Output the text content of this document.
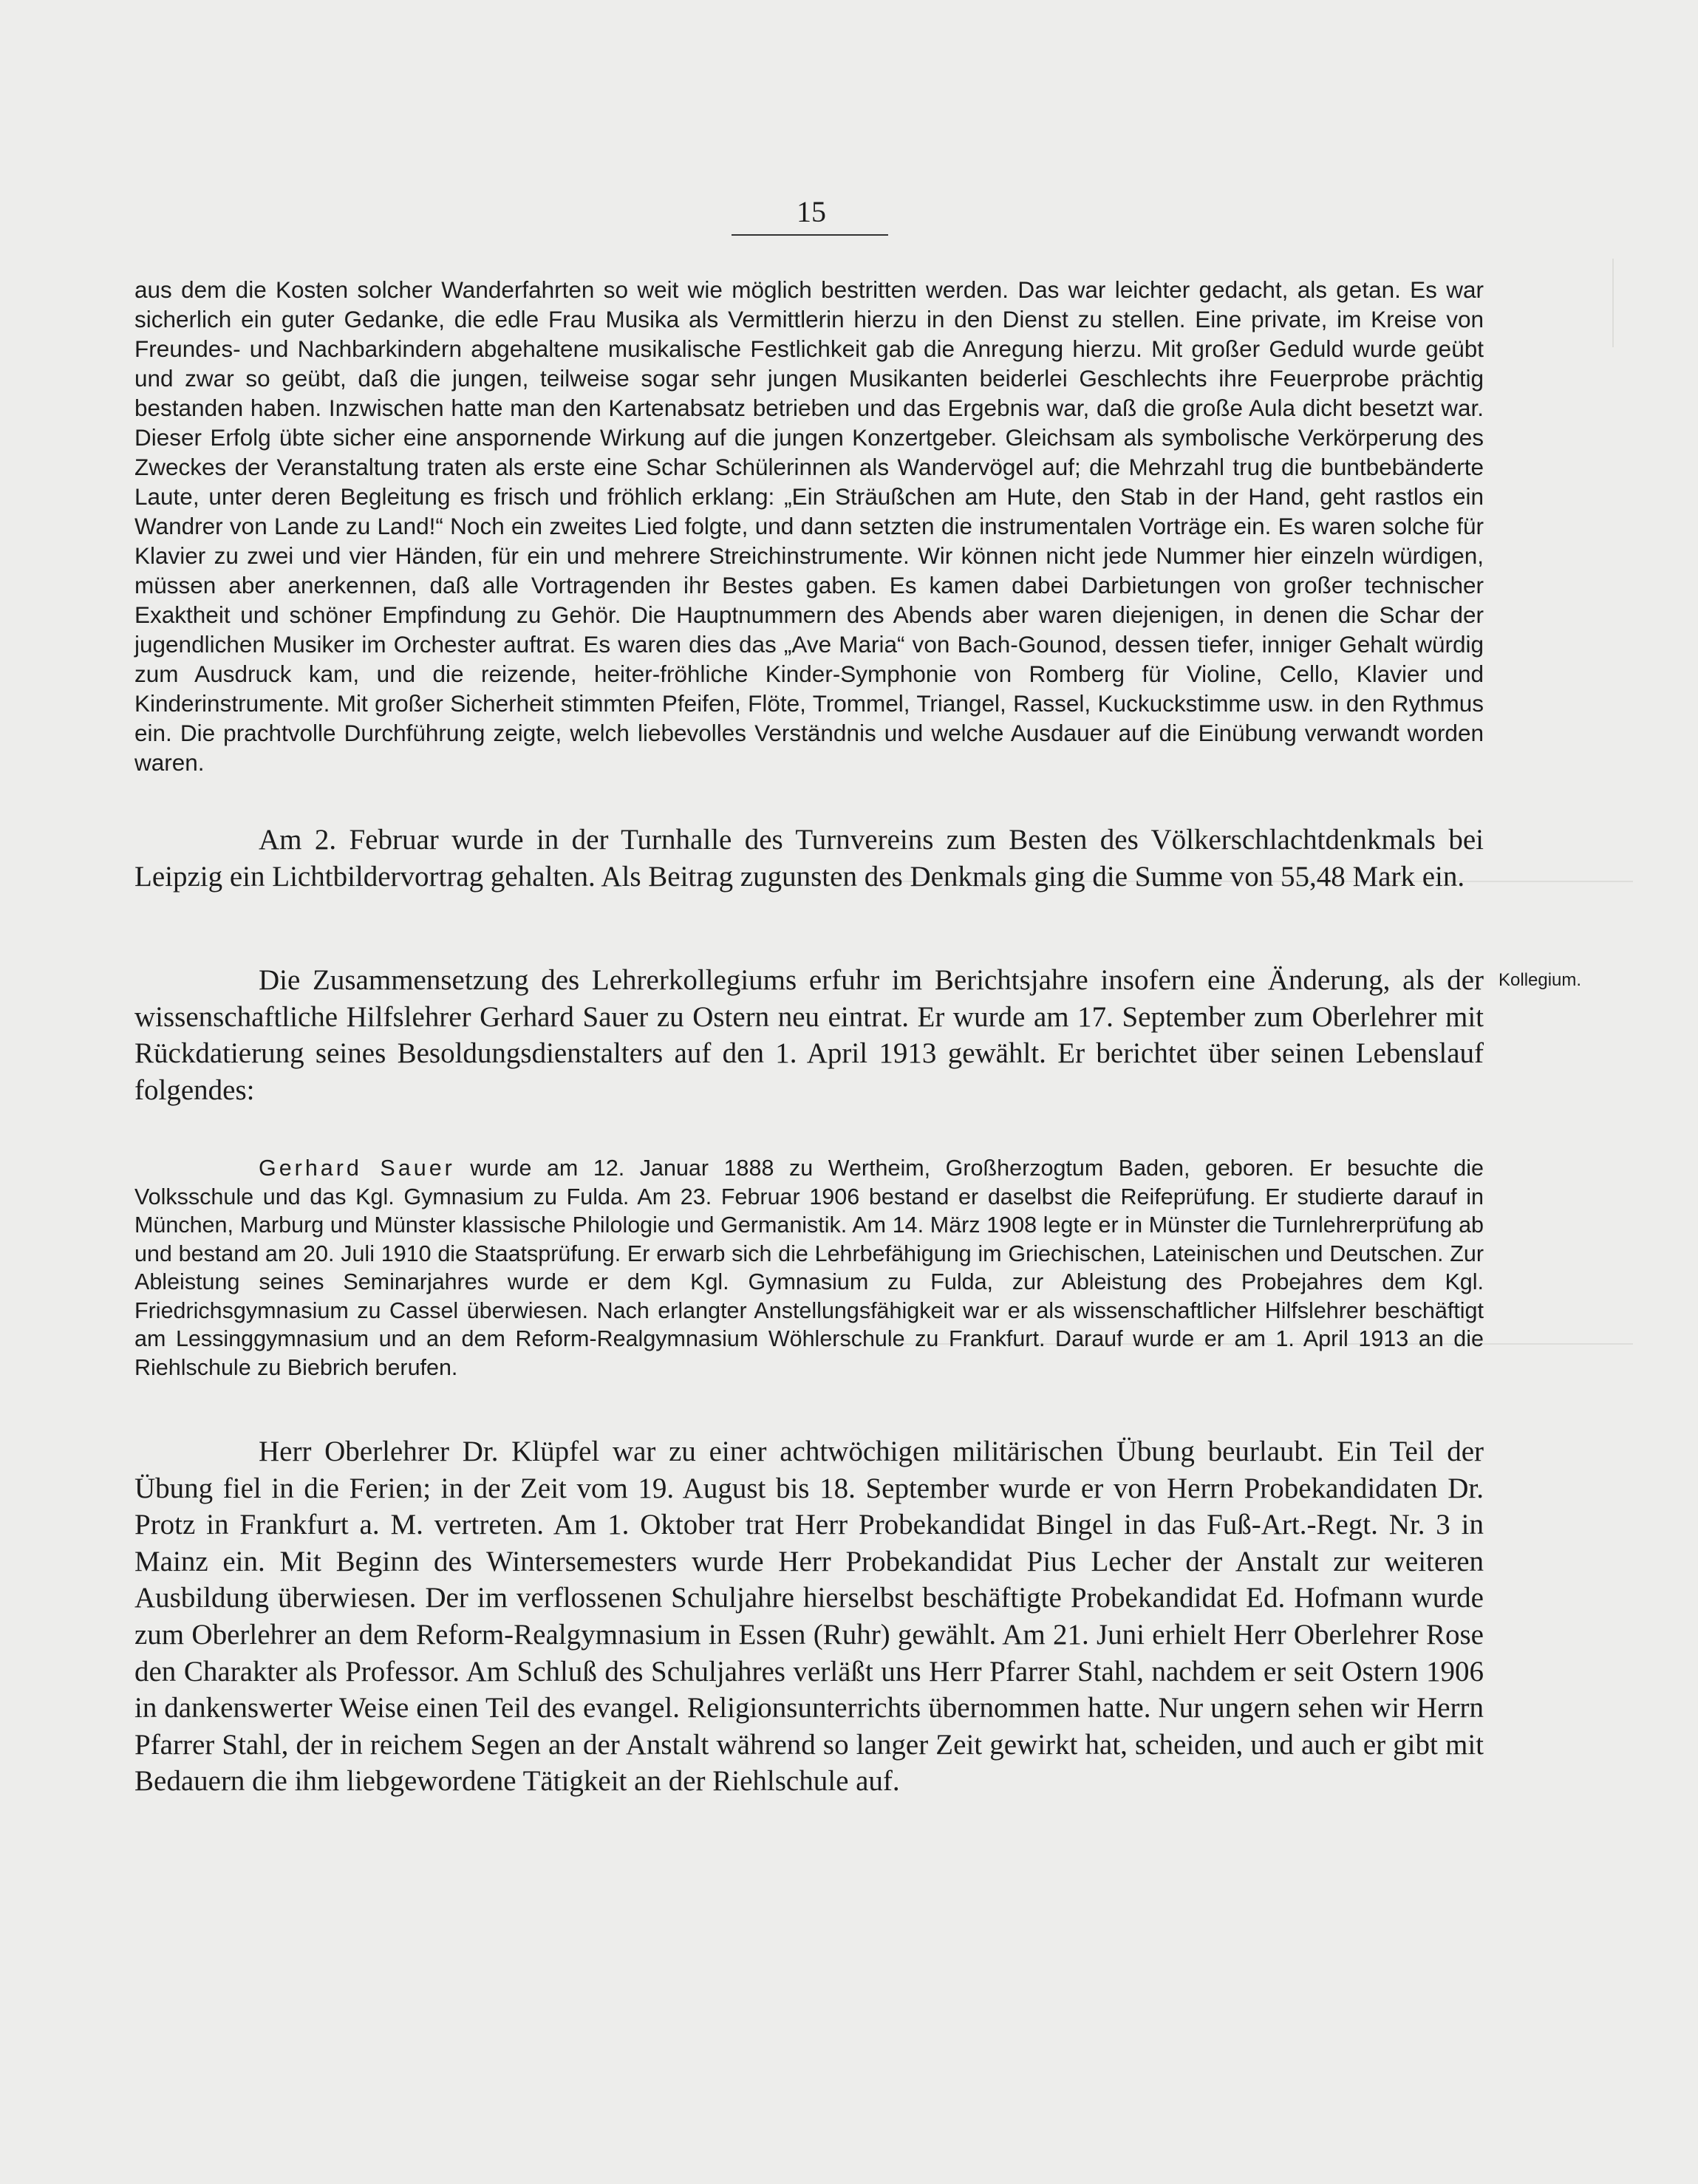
15

aus dem die Kosten solcher Wanderfahrten so weit wie möglich bestritten werden. Das war leichter gedacht, als getan. Es war sicherlich ein guter Gedanke, die edle Frau Musika als Vermittlerin hierzu in den Dienst zu stellen. Eine private, im Kreise von Freundes- und Nachbarkindern abgehaltene musikalische Festlichkeit gab die Anregung hierzu. Mit großer Geduld wurde geübt und zwar so geübt, daß die jungen, teilweise sogar sehr jungen Musikanten beiderlei Geschlechts ihre Feuerprobe prächtig bestanden haben. Inzwischen hatte man den Kartenabsatz betrieben und das Ergebnis war, daß die große Aula dicht besetzt war. Dieser Erfolg übte sicher eine anspornende Wirkung auf die jungen Konzertgeber. Gleichsam als symbolische Verkörperung des Zweckes der Veranstaltung traten als erste eine Schar Schülerinnen als Wandervögel auf; die Mehrzahl trug die buntbebänderte Laute, unter deren Begleitung es frisch und fröhlich erklang: „Ein Sträußchen am Hute, den Stab in der Hand, geht rastlos ein Wandrer von Lande zu Land!“ Noch ein zweites Lied folgte, und dann setzten die instrumentalen Vorträge ein. Es waren solche für Klavier zu zwei und vier Händen, für ein und mehrere Streichinstrumente. Wir können nicht jede Nummer hier einzeln würdigen, müssen aber anerkennen, daß alle Vortragenden ihr Bestes gaben. Es kamen dabei Darbietungen von großer technischer Exaktheit und schöner Empfindung zu Gehör. Die Hauptnummern des Abends aber waren diejenigen, in denen die Schar der jugendlichen Musiker im Orchester auftrat. Es waren dies das „Ave Maria“ von Bach-Gounod, dessen tiefer, inniger Gehalt würdig zum Ausdruck kam, und die reizende, heiter-fröhliche Kinder-Symphonie von Romberg für Violine, Cello, Klavier und Kinderinstrumente. Mit großer Sicherheit stimmten Pfeifen, Flöte, Trommel, Triangel, Rassel, Kuckuckstimme usw. in den Rythmus ein. Die prachtvolle Durchführung zeigte, welch liebevolles Verständnis und welche Ausdauer auf die Einübung verwandt worden waren.

Am 2. Februar wurde in der Turnhalle des Turnvereins zum Besten des Völkerschlachtdenkmals bei Leipzig ein Lichtbildervortrag gehalten. Als Beitrag zugunsten des Denkmals ging die Summe von 55,48 Mark ein.

Die Zusammensetzung des Lehrerkollegiums erfuhr im Berichtsjahre insofern eine Änderung, als der wissenschaftliche Hilfslehrer Gerhard Sauer zu Ostern neu eintrat. Er wurde am 17. September zum Oberlehrer mit Rückdatierung seines Besoldungsdienstalters auf den 1. April 1913 gewählt. Er berichtet über seinen Lebenslauf folgendes:

Kollegium.

Gerhard Sauer wurde am 12. Januar 1888 zu Wertheim, Großherzogtum Baden, geboren. Er besuchte die Volksschule und das Kgl. Gymnasium zu Fulda. Am 23. Februar 1906 bestand er daselbst die Reifeprüfung. Er studierte darauf in München, Marburg und Münster klassische Philologie und Germanistik. Am 14. März 1908 legte er in Münster die Turnlehrerprüfung ab und bestand am 20. Juli 1910 die Staatsprüfung. Er erwarb sich die Lehrbefähigung im Griechischen, Lateinischen und Deutschen. Zur Ableistung seines Seminarjahres wurde er dem Kgl. Gymnasium zu Fulda, zur Ableistung des Probejahres dem Kgl. Friedrichsgymnasium zu Cassel überwiesen. Nach erlangter Anstellungsfähigkeit war er als wissenschaftlicher Hilfslehrer beschäftigt am Lessinggymnasium und an dem Reform-Realgymnasium Wöhlerschule zu Frankfurt. Darauf wurde er am 1. April 1913 an die Riehlschule zu Biebrich berufen.

Herr Oberlehrer Dr. Klüpfel war zu einer achtwöchigen militärischen Übung beurlaubt. Ein Teil der Übung fiel in die Ferien; in der Zeit vom 19. August bis 18. September wurde er von Herrn Probekandidaten Dr. Protz in Frankfurt a. M. vertreten. Am 1. Oktober trat Herr Probekandidat Bingel in das Fuß-Art.-Regt. Nr. 3 in Mainz ein. Mit Beginn des Wintersemesters wurde Herr Probekandidat Pius Lecher der Anstalt zur weiteren Ausbildung überwiesen. Der im verflossenen Schuljahre hierselbst beschäftigte Probekandidat Ed. Hofmann wurde zum Oberlehrer an dem Reform-Realgymnasium in Essen (Ruhr) gewählt. Am 21. Juni erhielt Herr Oberlehrer Rose den Charakter als Professor. Am Schluß des Schuljahres verläßt uns Herr Pfarrer Stahl, nachdem er seit Ostern 1906 in dankenswerter Weise einen Teil des evangel. Religionsunterrichts übernommen hatte. Nur ungern sehen wir Herrn Pfarrer Stahl, der in reichem Segen an der Anstalt während so langer Zeit gewirkt hat, scheiden, und auch er gibt mit Bedauern die ihm liebgewordene Tätigkeit an der Riehlschule auf.
